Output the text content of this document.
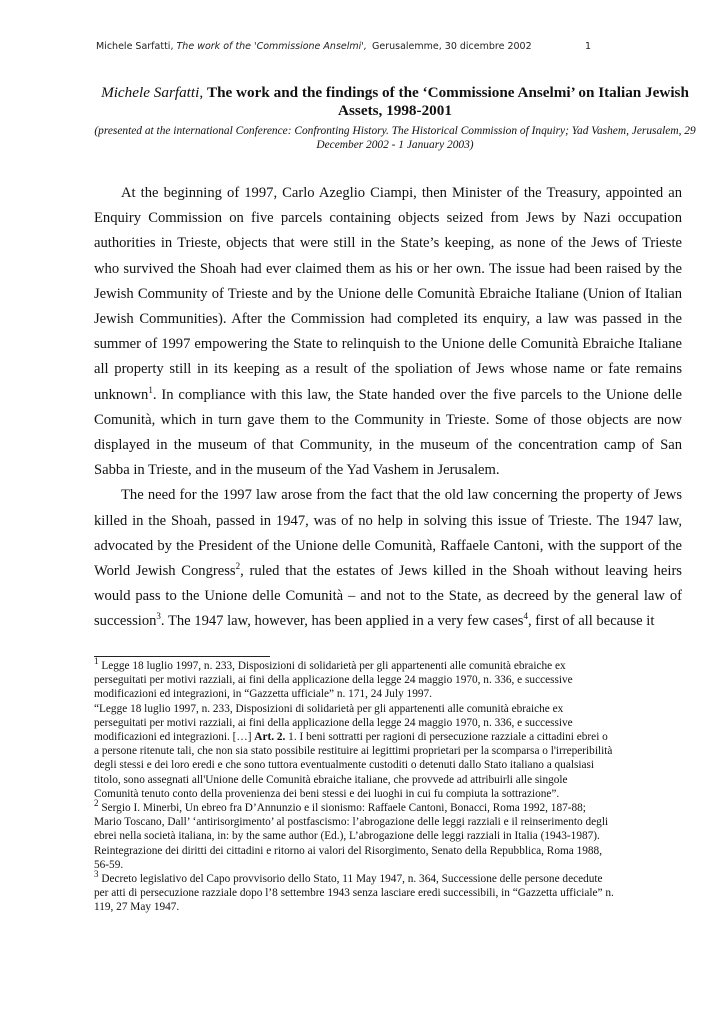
Michele Sarfatti, The work of the 'Commissione Anselmi', Gerusalemme, 30 dicembre 2002	1
Michele Sarfatti, The work and the findings of the ‘Commissione Anselmi’ on Italian Jewish Assets, 1998-2001
(presented at the international Conference: Confronting History. The Historical Commission of Inquiry; Yad Vashem, Jerusalem, 29 December 2002 - 1 January 2003)

At the beginning of 1997, Carlo Azeglio Ciampi, then Minister of the Treasury, appointed an Enquiry Commission on five parcels containing objects seized from Jews by Nazi occupation authorities in Trieste, objects that were still in the State’s keeping, as none of the Jews of Trieste who survived the Shoah had ever claimed them as his or her own. The issue had been raised by the Jewish Community of Trieste and by the Unione delle Comunità Ebraiche Italiane (Union of Italian Jewish Communities). After the Commission had completed its enquiry, a law was passed in the summer of 1997 empowering the State to relinquish to the Unione delle Comunità Ebraiche Italiane all property still in its keeping as a result of the spoliation of Jews whose name or fate remains unknown$^1$. In compliance with this law, the State handed over the five parcels to the Unione delle Comunità, which in turn gave them to the Community in Trieste. Some of those objects are now displayed in the museum of that Community, in the museum of the concentration camp of San Sabba in Trieste, and in the museum of the Yad Vashem in Jerusalem.

The need for the 1997 law arose from the fact that the old law concerning the property of Jews killed in the Shoah, passed in 1947, was of no help in solving this issue of Trieste. The 1947 law, advocated by the President of the Unione delle Comunità, Raffaele Cantoni, with the support of the World Jewish Congress$^2$, ruled that the estates of Jews killed in the Shoah without leaving heirs would pass to the Unione delle Comunità – and not to the State, as decreed by the general law of succession$^3$. The 1947 law, however, has been applied in a very few cases$^4$, first of all because it

$^1$ Legge 18 luglio 1997, n. 233, Disposizioni di solidarietà per gli appartenenti alle comunità ebraiche ex perseguitati per motivi razziali, ai fini della applicazione della legge 24 maggio 1970, n. 336, e successive modificazioni ed integrazioni, in “Gazzetta ufficiale” n. 171, 24 July 1997.

“Legge 18 luglio 1997, n. 233, Disposizioni di solidarietà per gli appartenenti alle comunità ebraiche ex perseguitati per motivi razziali, ai fini della applicazione della legge 24 maggio 1970, n. 336, e successive modificazioni ed integrazioni. […] Art. 2. 1. I beni sottratti per ragioni di persecuzione razziale a cittadini ebrei o a persone ritenute tali, che non sia stato possibile restituire ai legittimi proprietari per la scomparsa o l'irreperibilità degli stessi e dei loro eredi e che sono tuttora eventualmente custoditi o detenuti dallo Stato italiano a qualsiasi titolo, sono assegnati all'Unione delle Comunità ebraiche italiane, che provvede ad attribuirli alle singole Comunità tenuto conto della provenienza dei beni stessi e dei luoghi in cui fu compiuta la sottrazione”.

$^2$ Sergio I. Minerbi, Un ebreo fra D’Annunzio e il sionismo: Raffaele Cantoni, Bonacci, Roma 1992, 187-88; Mario Toscano, Dall’ ‘antirisorgimento’ al postfascismo: l’abrogazione delle leggi razziali e il reinserimento degli ebrei nella società italiana, in: by the same author (Ed.), L’abrogazione delle leggi razziali in Italia (1943-1987). Reintegrazione dei diritti dei cittadini e ritorno ai valori del Risorgimento, Senato della Repubblica, Roma 1988, 56-59.

$^3$ Decreto legislativo del Capo provvisorio dello Stato, 11 May 1947, n. 364, Successione delle persone decedute per atti di persecuzione razziale dopo l’8 settembre 1943 senza lasciare eredi successibili, in “Gazzetta ufficiale” n. 119, 27 May 1947.
